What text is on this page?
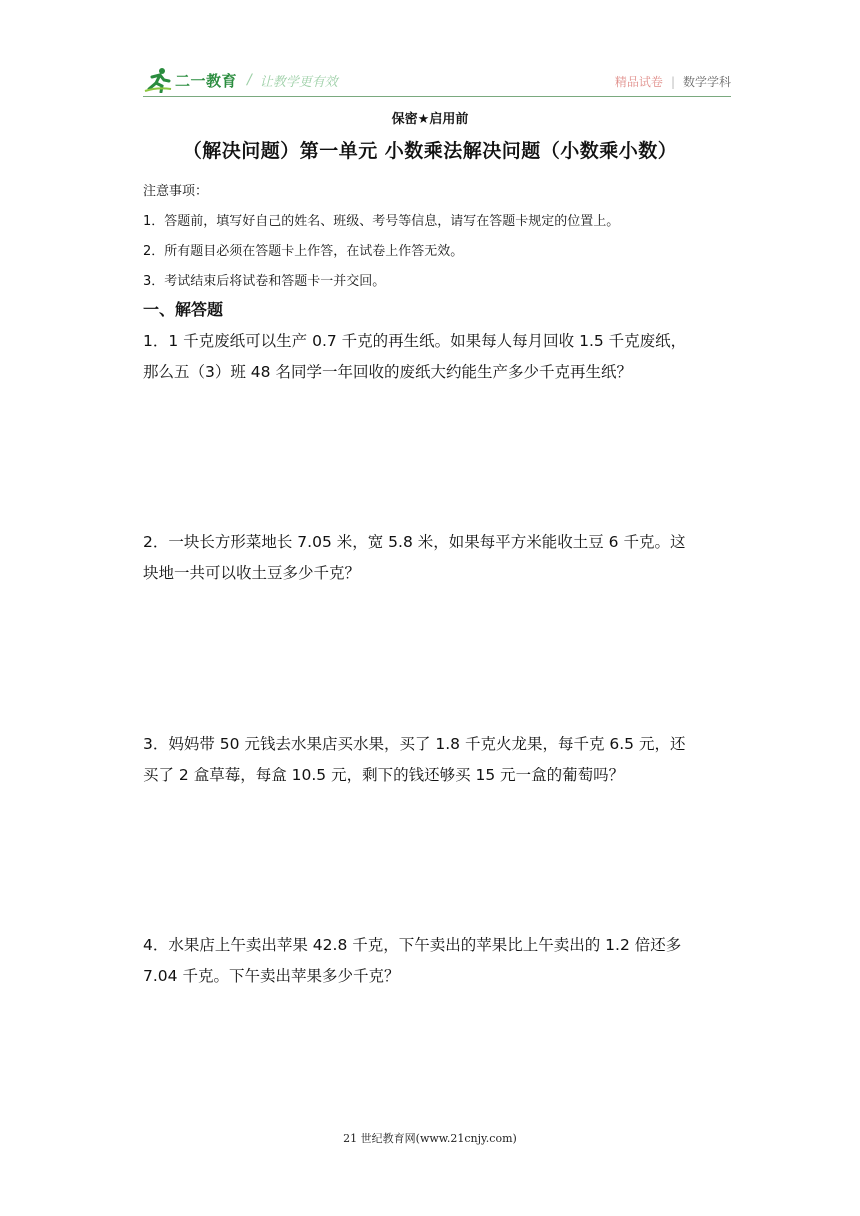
二一教育 / 让教学更有效	精品试卷 | 数学学科
保密★启用前
（解决问题）第一单元 小数乘法解决问题（小数乘小数）
注意事项：
1．答题前，填写好自己的姓名、班级、考号等信息，请写在答题卡规定的位置上。
2．所有题目必须在答题卡上作答，在试卷上作答无效。
3．考试结束后将试卷和答题卡一并交回。
一、解答题

1．1 千克废纸可以生产 0.7 千克的再生纸。如果每人每月回收 1.5 千克废纸，

那么五（3）班 48 名同学一年回收的废纸大约能生产多少千克再生纸？

2．一块长方形菜地长 7.05 米，宽 5.8 米，如果每平方米能收土豆 6 千克。这

块地一共可以收土豆多少千克？

3．妈妈带 50 元钱去水果店买水果，买了 1.8 千克火龙果，每千克 6.5 元，还

买了 2 盒草莓，每盒 10.5 元，剩下的钱还够买 15 元一盒的葡萄吗？

4．水果店上午卖出苹果 42.8 千克，下午卖出的苹果比上午卖出的 1.2 倍还多

7.04 千克。下午卖出苹果多少千克？

21 世纪教育网(www.21cnjy.com)
